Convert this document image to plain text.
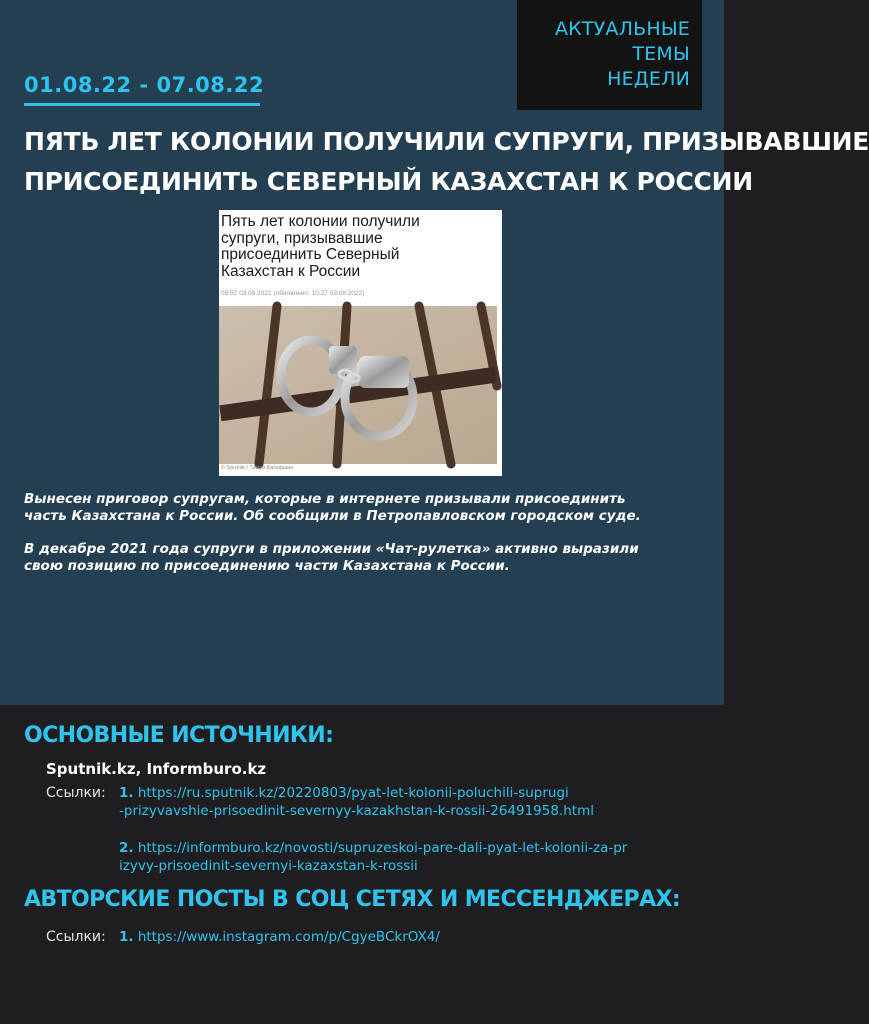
АКТУАЛЬНЫЕ ТЕМЫ
НЕДЕЛИ
01.08.22 - 07.08.22
ПЯТЬ ЛЕТ КОЛОНИИ ПОЛУЧИЛИ СУПРУГИ, ПРИЗЫВАВШИЕ
ПРИСОЕДИНИТЬ СЕВЕРНЫЙ КАЗАХСТАН К РОССИИ
Пять лет колонии получили
супруги, призывавшие
присоединить Северный
Казахстан к России
09:52 03.08.2022 (обновлено: 10:27 03.08.2022)
© Sputnik / Тимур Батыршин
Вынесен приговор супругам, которые в интернете призывали присоединить
часть Казахстана к России. Об сообщили в Петропавловском городском суде.
В декабре 2021 года супруги в приложении «Чат-рулетка» активно выразили
свою позицию по присоединению части Казахстана к России.
ОСНОВНЫЕ ИСТОЧНИКИ:
Sputnik.kz, Informburo.kz
Ссылки: 1. https://ru.sputnik.kz/20220803/pyat-let-kolonii-poluchili-suprugi
-prizyvavshie-prisoedinit-severnyy-kazakhstan-k-rossii-26491958.html
2. https://informburo.kz/novosti/supruzeskoi-pare-dali-pyat-let-kolonii-za-pr
izyvy-prisoedinit-severnyi-kazaxstan-k-rossii
АВТОРСКИЕ ПОСТЫ В СОЦ СЕТЯХ И МЕССЕНДЖЕРАХ:
Ссылки: 1. https://www.instagram.com/p/CgyeBCkrOX4/
